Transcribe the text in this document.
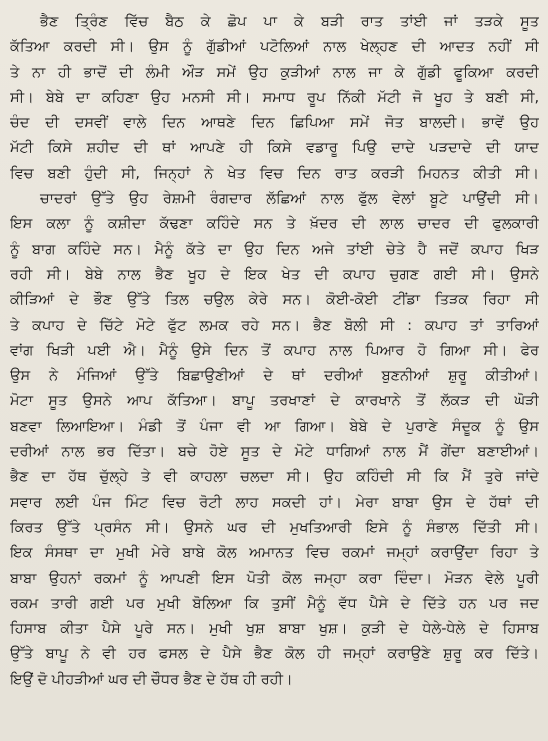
ਭੈਣ ਤ੍ਰਿੰਣ ਵਿੱਚ ਬੈਠ ਕੇ ਛੋਪ ਪਾ ਕੇ ਬੜੀ ਰਾਤ ਤਾਂਈ ਜਾਂ ਤੜਕੇ ਸੂਤ
ਕੱਤਿਆ ਕਰਦੀ ਸੀ। ਉਸ ਨੂੰ ਗੁੱਡੀਆਂ ਪਟੋਲਿਆਂ ਨਾਲ ਖੇਲ੍ਹਣ ਦੀ ਆਦਤ ਨਹੀਂ ਸੀ
ਤੇ ਨਾ ਹੀ ਭਾਦੋਂ ਦੀ ਲੰਮੀ ਔੜ ਸਮੇਂ ਉਹ ਕੁੜੀਆਂ ਨਾਲ ਜਾ ਕੇ ਗੁੱਡੀ ਫੂਕਿਆ ਕਰਦੀ
ਸੀ। ਬੇਬੇ ਦਾ ਕਹਿਣਾ ਉਹ ਮਨਸੀ ਸੀ। ਸਮਾਧ ਰੂਪ ਨਿੱਕੀ ਮੱਟੀ ਜੋ ਖੂਹ ਤੇ ਬਣੀ ਸੀ,
ਚੰਦ ਦੀ ਦਸਵੀਂ ਵਾਲੇ ਦਿਨ ਆਥਣੇ ਦਿਨ ਛਿਪਿਆ ਸਮੇਂ ਜੋਤ ਬਾਲਦੀ। ਭਾਵੇਂ ਉਹ
ਮੱਟੀ ਕਿਸੇ ਸ਼ਹੀਦ ਦੀ ਥਾਂ ਆਪਣੇ ਹੀ ਕਿਸੇ ਵਡਾਰੂ ਪਿਉ ਦਾਦੇ ਪੜਦਾਦੇ ਦੀ ਯਾਦ
ਵਿਚ ਬਣੀ ਹੁੰਦੀ ਸੀ, ਜਿਨ੍ਹਾਂ ਨੇ ਖੇਤ ਵਿਚ ਦਿਨ ਰਾਤ ਕਰੜੀ ਮਿਹਨਤ ਕੀਤੀ ਸੀ।
ਚਾਦਰਾਂ ਉੱਤੇ ਉਹ ਰੇਸ਼ਮੀ ਰੰਗਦਾਰ ਲੱਛਿਆਂ ਨਾਲ ਫੁੱਲ ਵੇਲਾਂ ਬੂਟੇ ਪਾਉਂਦੀ ਸੀ।
ਇਸ ਕਲਾ ਨੂੰ ਕਸ਼ੀਦਾ ਕੱਢਣਾ ਕਹਿੰਦੇ ਸਨ ਤੇ ਖ਼ੱਦਰ ਦੀ ਲਾਲ ਚਾਦਰ ਦੀ ਫੁਲਕਾਰੀ
ਨੂੰ ਬਾਗ ਕਹਿੰਦੇ ਸਨ। ਮੈਨੂੰ ਕੱਤੇ ਦਾ ਉਹ ਦਿਨ ਅਜੇ ਤਾਂਈ ਚੇਤੇ ਹੈ ਜਦੋਂ ਕਪਾਹ ਖਿੜ
ਰਹੀ ਸੀ। ਬੇਬੇ ਨਾਲ ਭੈਣ ਖੂਹ ਦੇ ਇਕ ਖੇਤ ਦੀ ਕਪਾਹ ਚੁਗਣ ਗਈ ਸੀ। ਉਸਨੇ
ਕੀੜਿਆਂ ਦੇ ਭੌਣ ਉੱਤੇ ਤਿਲ ਚਉਲ ਕੇਰੇ ਸਨ। ਕੋਈ-ਕੋਈ ਟੀਂਡਾ ਤਿੜਕ ਰਿਹਾ ਸੀ
ਤੇ ਕਪਾਹ ਦੇ ਚਿੱਟੇ ਮੋਟੇ ਫੁੱਟ ਲਮਕ ਰਹੇ ਸਨ। ਭੈਣ ਬੋਲੀ ਸੀ : ਕਪਾਹ ਤਾਂ ਤਾਰਿਆਂ
ਵਾਂਗ ਖਿੜੀ ਪਈ ਐ। ਮੈਨੂੰ ਉਸੇ ਦਿਨ ਤੋਂ ਕਪਾਹ ਨਾਲ ਪਿਆਰ ਹੋ ਗਿਆ ਸੀ। ਫੇਰ
ਉਸ ਨੇ ਮੰਜਿਆਂ ਉੱਤੇ ਬਿਛਾਉਣੀਆਂ ਦੇ ਥਾਂ ਦਰੀਆਂ ਬੁਣਨੀਆਂ ਸ਼ੁਰੂ ਕੀਤੀਆਂ।
ਮੋਟਾ ਸੂਤ ਉਸਨੇ ਆਪ ਕੱਤਿਆ। ਬਾਪੂ ਤਰਖਾਣਾਂ ਦੇ ਕਾਰਖਾਨੇ ਤੋਂ ਲੱਕੜ ਦੀ ਘੋੜੀ
ਬਣਵਾ ਲਿਆਇਆ। ਮੰਡੀ ਤੋਂ ਪੰਜਾ ਵੀ ਆ ਗਿਆ। ਬੇਬੇ ਦੇ ਪੁਰਾਣੇ ਸੰਦੂਕ ਨੂੰ ਉਸ
ਦਰੀਆਂ ਨਾਲ ਭਰ ਦਿੱਤਾ। ਬਚੇ ਹੋਏ ਸੂਤ ਦੇ ਮੋਟੇ ਧਾਗਿਆਂ ਨਾਲ ਮੈਂ ਗੇਂਦਾ ਬਣਾਈਆਂ।
ਭੈਣ ਦਾ ਹੱਥ ਚੁੱਲ੍ਹੇ ਤੇ ਵੀ ਕਾਹਲਾ ਚਲਦਾ ਸੀ। ਉਹ ਕਹਿੰਦੀ ਸੀ ਕਿ ਮੈਂ ਤੁਰੇ ਜਾਂਦੇ
ਸਵਾਰ ਲਈ ਪੰਜ ਮਿੰਟ ਵਿਚ ਰੋਟੀ ਲਾਹ ਸਕਦੀ ਹਾਂ। ਮੇਰਾ ਬਾਬਾ ਉਸ ਦੇ ਹੱਥਾਂ ਦੀ
ਕਿਰਤ ਉੱਤੇ ਪ੍ਰਸੰਨ ਸੀ। ਉਸਨੇ ਘਰ ਦੀ ਮੁਖਤਿਆਰੀ ਇਸੇ ਨੂੰ ਸੰਭਾਲ ਦਿੱਤੀ ਸੀ।
ਇਕ ਸੰਸਥਾ ਦਾ ਮੁਖੀ ਮੇਰੇ ਬਾਬੇ ਕੋਲ ਅਮਾਨਤ ਵਿਚ ਰਕਮਾਂ ਜਮ੍ਹਾਂ ਕਰਾਉਂਦਾ ਰਿਹਾ ਤੇ
ਬਾਬਾ ਉਹਨਾਂ ਰਕਮਾਂ ਨੂੰ ਆਪਣੀ ਇਸ ਪੋਤੀ ਕੋਲ ਜਮ੍ਹਾ ਕਰਾ ਦਿੰਦਾ। ਮੋੜਨ ਵੇਲੇ ਪੂਰੀ
ਰਕਮ ਤਾਰੀ ਗਈ ਪਰ ਮੁਖੀ ਬੋਲਿਆ ਕਿ ਤੁਸੀਂ ਮੈਨੂੰ ਵੱਧ ਪੈਸੇ ਦੇ ਦਿੱਤੇ ਹਨ ਪਰ ਜਦ
ਹਿਸਾਬ ਕੀਤਾ ਪੈਸੇ ਪੂਰੇ ਸਨ। ਮੁਖੀ ਖੁਸ਼ ਬਾਬਾ ਖੁਸ਼। ਕੁੜੀ ਦੇ ਧੇਲੇ-ਧੇਲੇ ਦੇ ਹਿਸਾਬ
ਉੱਤੇ ਬਾਪੂ ਨੇ ਵੀ ਹਰ ਫਸਲ ਦੇ ਪੈਸੇ ਭੈਣ ਕੋਲ ਹੀ ਜਮ੍ਹਾਂ ਕਰਾਉਣੇ ਸ਼ੁਰੂ ਕਰ ਦਿੱਤੇ।
ਇਉਂ ਦੋ ਪੀਹੜੀਆਂ ਘਰ ਦੀ ਚੌਧਰ ਭੈਣ ਦੇ ਹੱਥ ਹੀ ਰਹੀ।
